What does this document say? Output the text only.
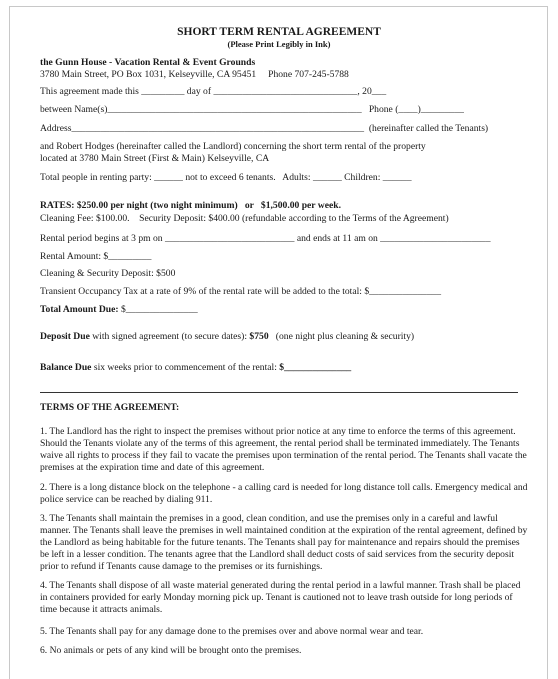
SHORT TERM RENTAL AGREEMENT
(Please Print Legibly in Ink)
the Gunn House - Vacation Rental & Event Grounds
3780 Main Street, PO Box 1031, Kelseyville, CA 95451     Phone 707-245-5788
This agreement made this _________ day of ______________________________, 20___
between Name(s)_____________________________________________________   Phone (____)_________
Address_____________________________________________________________  (hereinafter called the Tenants)
and Robert Hodges (hereinafter called the Landlord) concerning the short term rental of the property
located at 3780 Main Street (First & Main) Kelseyville, CA
Total people in renting party: ______ not to exceed 6 tenants.   Adults: ______ Children: ______
RATES: $250.00 per night (two night minimum)   or   $1,500.00 per week.
Cleaning Fee: $100.00.    Security Deposit: $400.00 (refundable according to the Terms of the Agreement)
Rental period begins at 3 pm on ___________________________ and ends at 11 am on _______________________
Rental Amount: $_________
Cleaning & Security Deposit: $500
Transient Occupancy Tax at a rate of 9% of the rental rate will be added to the total: $_______________
Total Amount Due: $_______________
Deposit Due with signed agreement (to secure dates): $750   (one night plus cleaning & security)
Balance Due six weeks prior to commencement of the rental: $______________
TERMS OF THE AGREEMENT:
1. The Landlord has the right to inspect the premises without prior notice at any time to enforce the terms of this agreement. Should the Tenants violate any of the terms of this agreement, the rental period shall be terminated immediately. The Tenants waive all rights to process if they fail to vacate the premises upon termination of the rental period. The Tenants shall vacate the premises at the expiration time and date of this agreement.
2. There is a long distance block on the telephone - a calling card is needed for long distance toll calls. Emergency medical and police service can be reached by dialing 911.
3. The Tenants shall maintain the premises in a good, clean condition, and use the premises only in a careful and lawful manner. The Tenants shall leave the premises in well maintained condition at the expiration of the rental agreement, defined by the Landlord as being habitable for the future tenants. The Tenants shall pay for maintenance and repairs should the premises be left in a lesser condition. The tenants agree that the Landlord shall deduct costs of said services from the security deposit prior to refund if Tenants cause damage to the premises or its furnishings.
4. The Tenants shall dispose of all waste material generated during the rental period in a lawful manner. Trash shall be placed in containers provided for early Monday morning pick up. Tenant is cautioned not to leave trash outside for long periods of time because it attracts animals.
5. The Tenants shall pay for any damage done to the premises over and above normal wear and tear.
6. No animals or pets of any kind will be brought onto the premises.
